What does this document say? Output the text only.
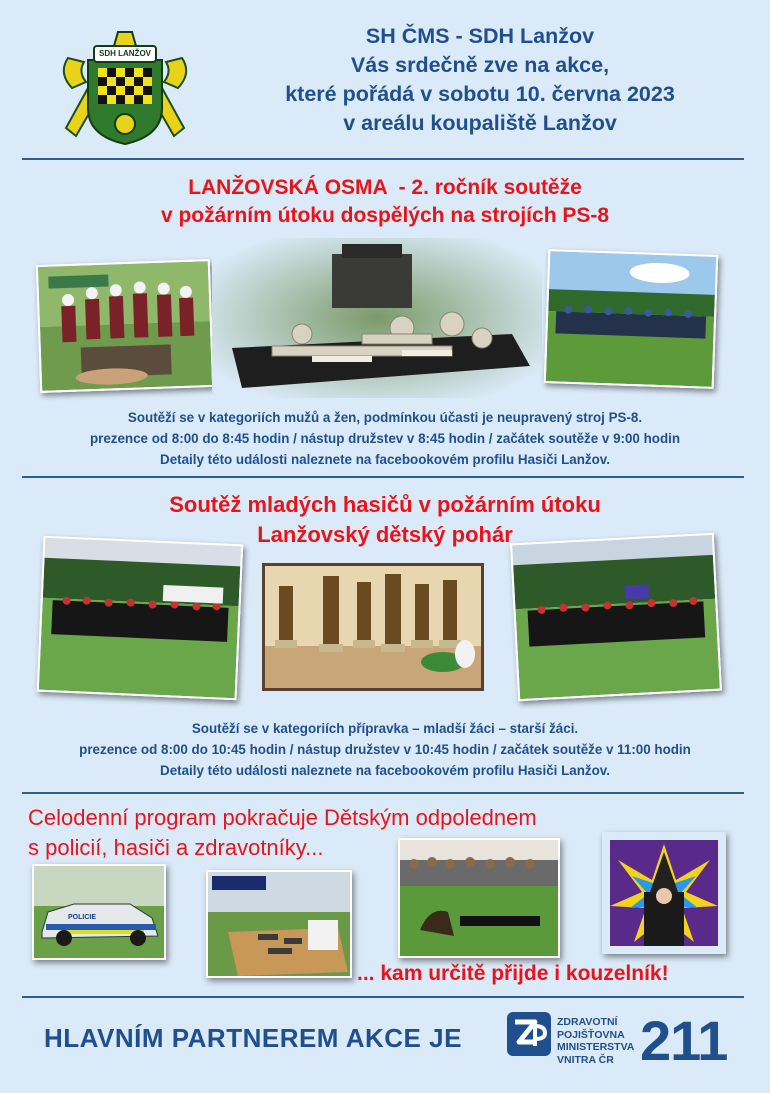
SDH LANŽOV
SH ČMS - SDH Lanžov
Vás srdečně zve na akce,
které pořádá v sobotu 10. června 2023
v areálu koupaliště Lanžov
LANŽOVSKÁ OSMA  - 2. ročník soutěže
v požárním útoku dospělých na strojích PS-8
Soutěží se v kategoriích mužů a žen, podmínkou účasti je neupravený stroj PS-8.
prezence od 8:00 do 8:45 hodin / nástup družstev v 8:45 hodin / začátek soutěže v 9:00 hodin
Detaily této události naleznete na facebookovém profilu Hasiči Lanžov.
Soutěž mladých hasičů v požárním útoku
Lanžovský dětský pohár
Soutěží se v kategoriích přípravka – mladší žáci – starší žáci.
prezence od 8:00 do 10:45 hodin / nástup družstev v 10:45 hodin / začátek soutěže v 11:00 hodin
Detaily této události naleznete na facebookovém profilu Hasiči Lanžov.
Celodenní program pokračuje Dětským odpolednem
s policií, hasiči a zdravotníky...
POLICIE
... kam určitě přijde i kouzelník!
HLAVNÍM PARTNEREM AKCE JE
ZDRAVOTNÍ
POJIŠŤOVNA
MINISTERSTVA
VNITRA ČR 211
